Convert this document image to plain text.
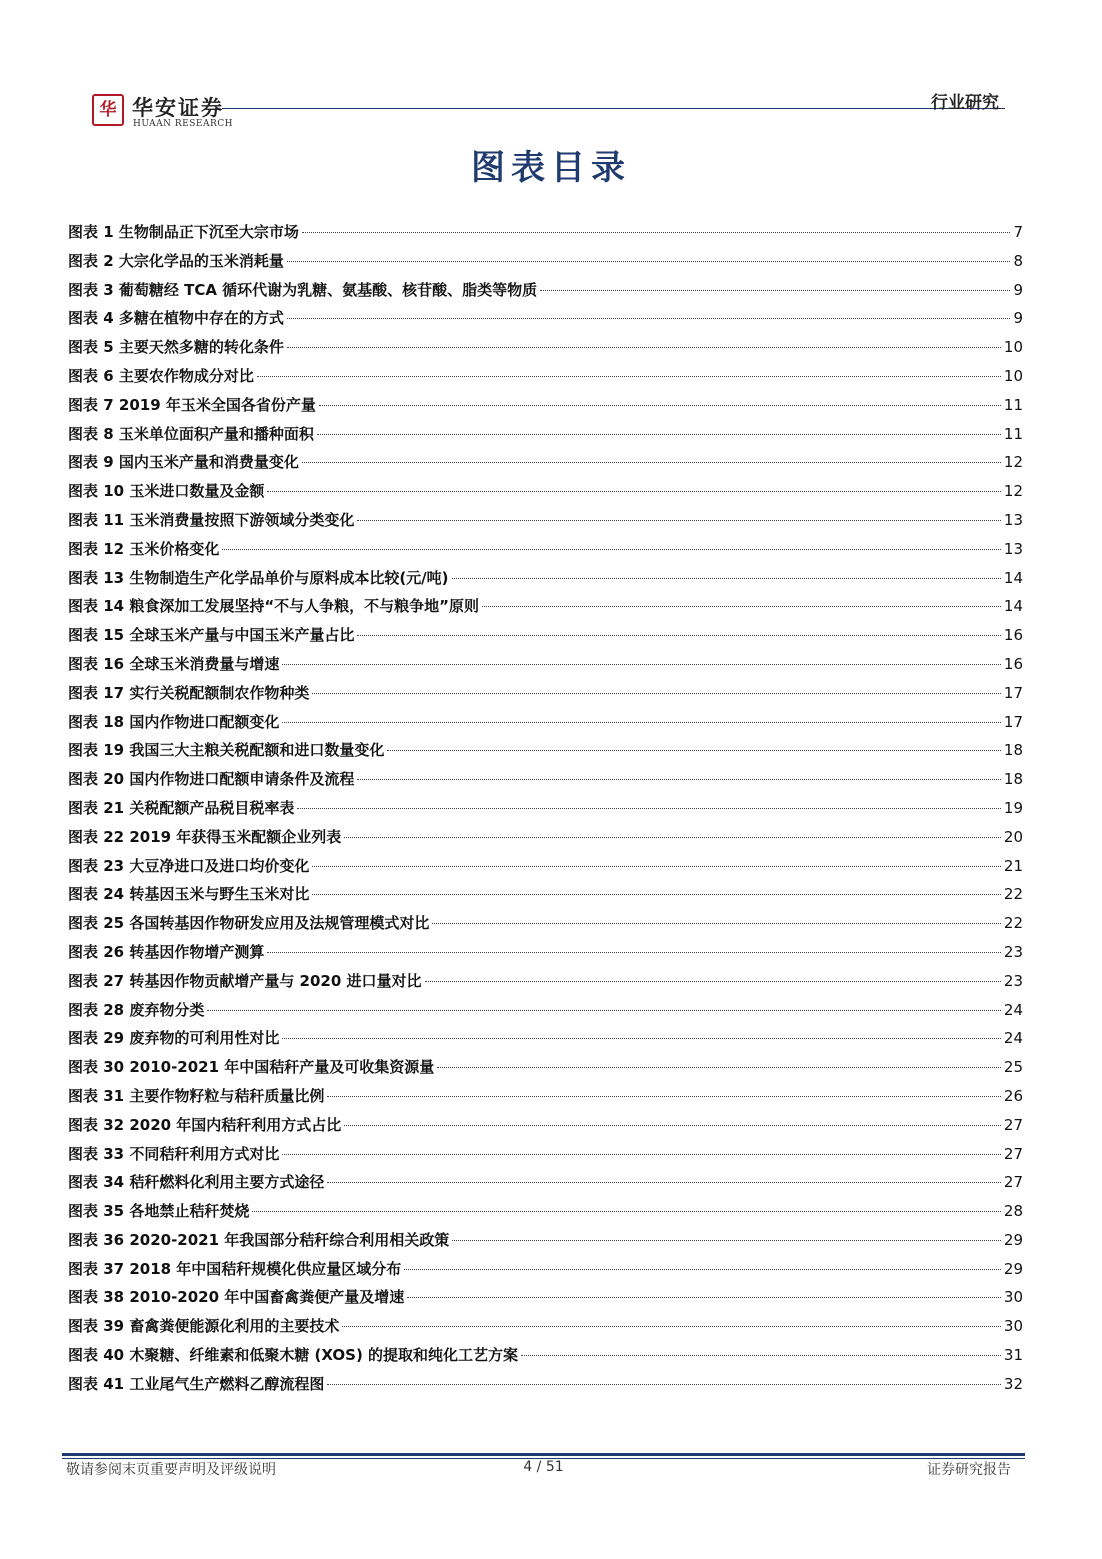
华 华安证券
HUAAN RESEARCH
行业研究
图表目录
图表 1 生物制品正下沉至大宗市场	7
图表 2 大宗化学品的玉米消耗量	8
图表 3 葡萄糖经 TCA 循环代谢为乳糖、氨基酸、核苷酸、脂类等物质	9
图表 4 多糖在植物中存在的方式	9
图表 5 主要天然多糖的转化条件	10
图表 6 主要农作物成分对比	10
图表 7 2019 年玉米全国各省份产量	11
图表 8 玉米单位面积产量和播种面积	11
图表 9 国内玉米产量和消费量变化	12
图表 10 玉米进口数量及金额	12
图表 11 玉米消费量按照下游领域分类变化	13
图表 12 玉米价格变化	13
图表 13 生物制造生产化学品单价与原料成本比较(元/吨)	14
图表 14 粮食深加工发展坚持“不与人争粮，不与粮争地”原则	14
图表 15 全球玉米产量与中国玉米产量占比	16
图表 16 全球玉米消费量与增速	16
图表 17 实行关税配额制农作物种类	17
图表 18 国内作物进口配额变化	17
图表 19 我国三大主粮关税配额和进口数量变化	18
图表 20 国内作物进口配额申请条件及流程	18
图表 21 关税配额产品税目税率表	19
图表 22 2019 年获得玉米配额企业列表	20
图表 23 大豆净进口及进口均价变化	21
图表 24 转基因玉米与野生玉米对比	22
图表 25 各国转基因作物研发应用及法规管理模式对比	22
图表 26 转基因作物增产测算	23
图表 27 转基因作物贡献增产量与 2020 进口量对比	23
图表 28 废弃物分类	24
图表 29 废弃物的可利用性对比	24
图表 30 2010-2021 年中国秸秆产量及可收集资源量	25
图表 31 主要作物籽粒与秸秆质量比例	26
图表 32 2020 年国内秸秆利用方式占比	27
图表 33 不同秸秆利用方式对比	27
图表 34 秸秆燃料化利用主要方式途径	27
图表 35 各地禁止秸秆焚烧	28
图表 36 2020-2021 年我国部分秸秆综合利用相关政策	29
图表 37 2018 年中国秸秆规模化供应量区域分布	29
图表 38 2010-2020 年中国畜禽粪便产量及增速	30
图表 39 畜禽粪便能源化利用的主要技术	30
图表 40 木聚糖、纤维素和低聚木糖 (XOS) 的提取和纯化工艺方案	31
图表 41 工业尾气生产燃料乙醇流程图	32
敬请参阅末页重要声明及评级说明	4 / 51	证券研究报告
